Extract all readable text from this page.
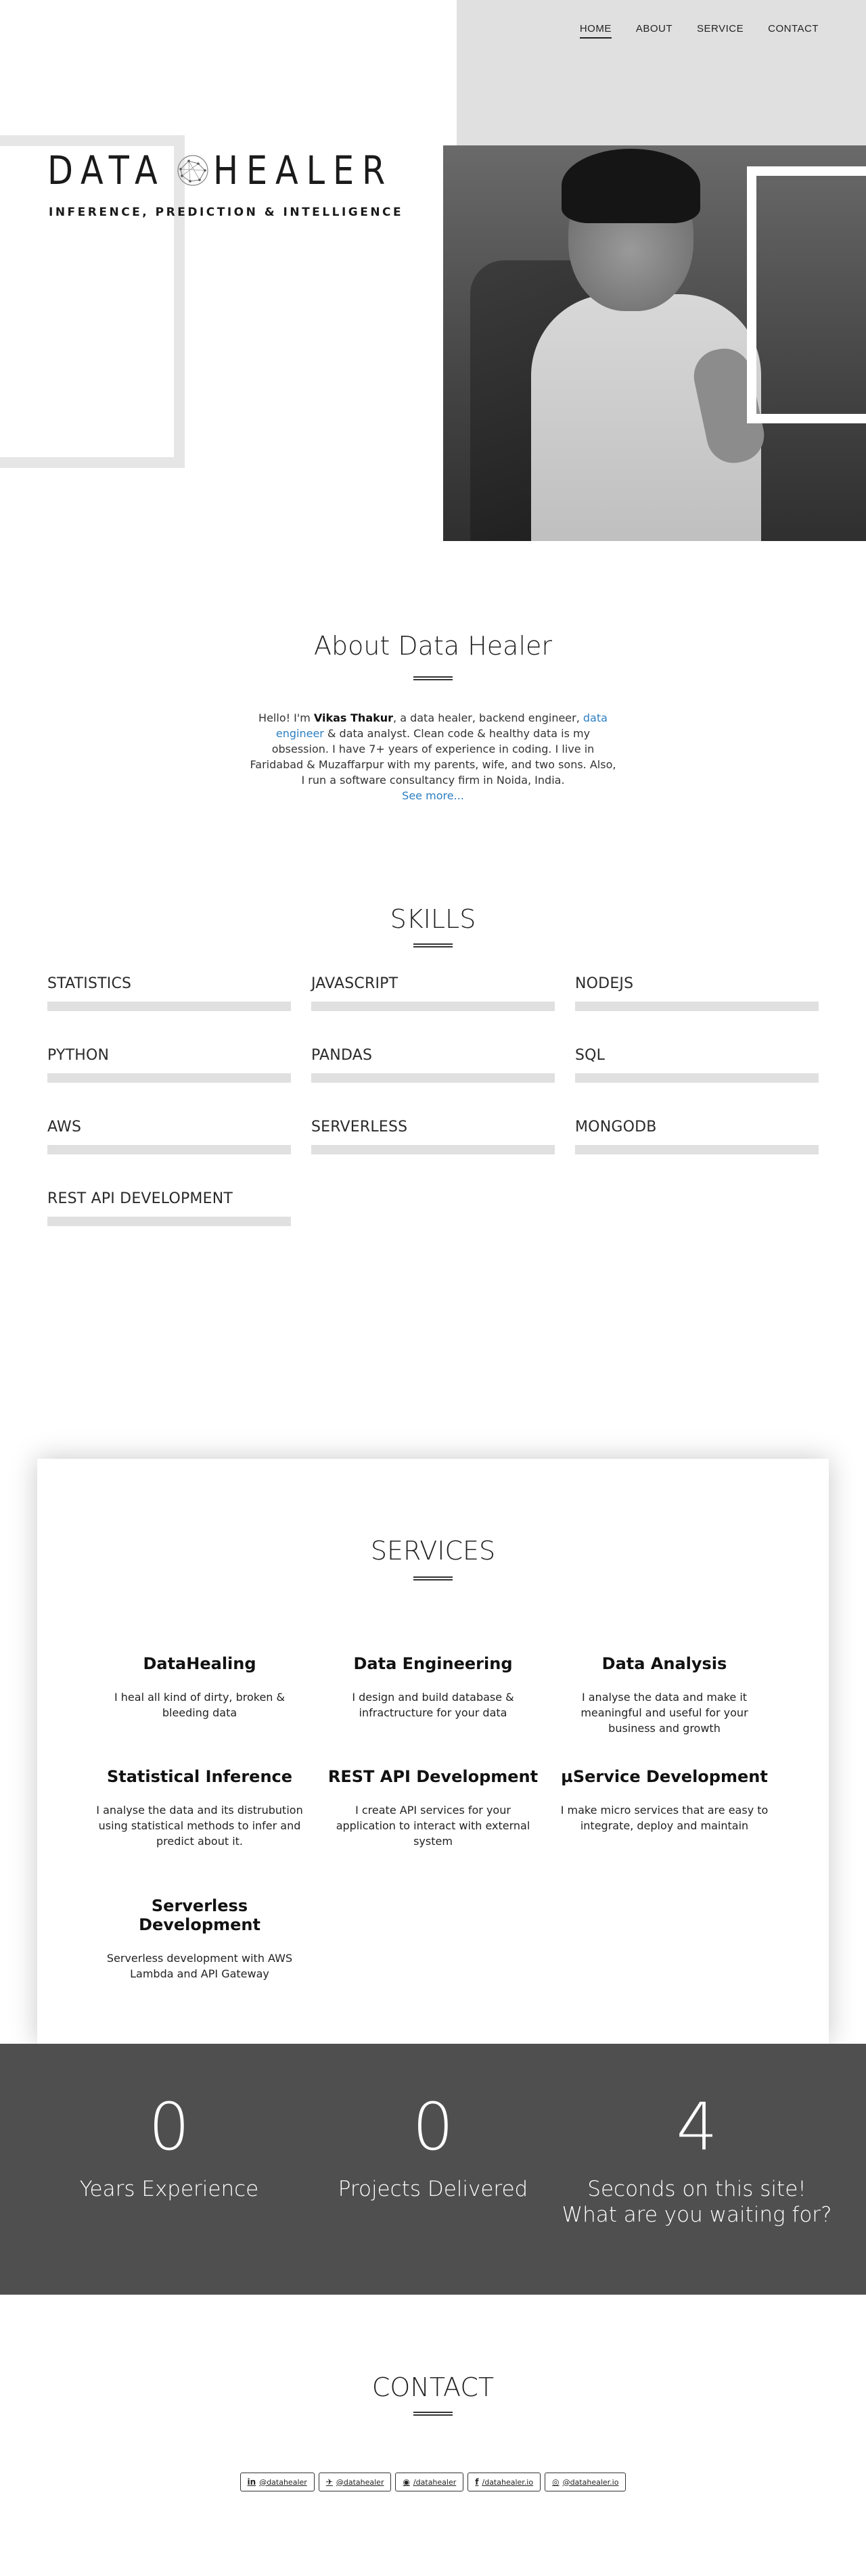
HOME ABOUT SERVICE CONTACT
DATA HEALER
INFERENCE, PREDICTION & INTELLIGENCE
About Data Healer

Hello! I'm Vikas Thakur, a data healer, backend engineer, data engineer & data analyst. Clean code & healthy data is my obsession. I have 7+ years of experience in coding. I live in Faridabad & Muzaffarpur with my parents, wife, and two sons. Also, I run a software consultancy firm in Noida, India.
See more...

SKILLS
STATISTICS	JAVASCRIPT	NODEJS
PYTHON	PANDAS	SQL
AWS	SERVERLESS	MONGODB
REST API DEVELOPMENT
SERVICES
DataHealing
I heal all kind of dirty, broken & bleeding data
Data Engineering
I design and build database & infractructure for your data
Data Analysis
I analyse the data and make it meaningful and useful for your business and growth
Statistical Inference
I analyse the data and its distrubution using statistical methods to infer and predict about it.
REST API Development
I create API services for your application to interact with external system
µService Development
I make micro services that are easy to integrate, deploy and maintain
Serverless Development
Serverless development with AWS Lambda and API Gateway
0
Years Experience
0
Projects Delivered
4
Seconds on this site! What are you waiting for?
CONTACT
in @datahealer ✈ @datahealer ◉ /datahealer f /datahealer.io ◎ @datahealer.io
